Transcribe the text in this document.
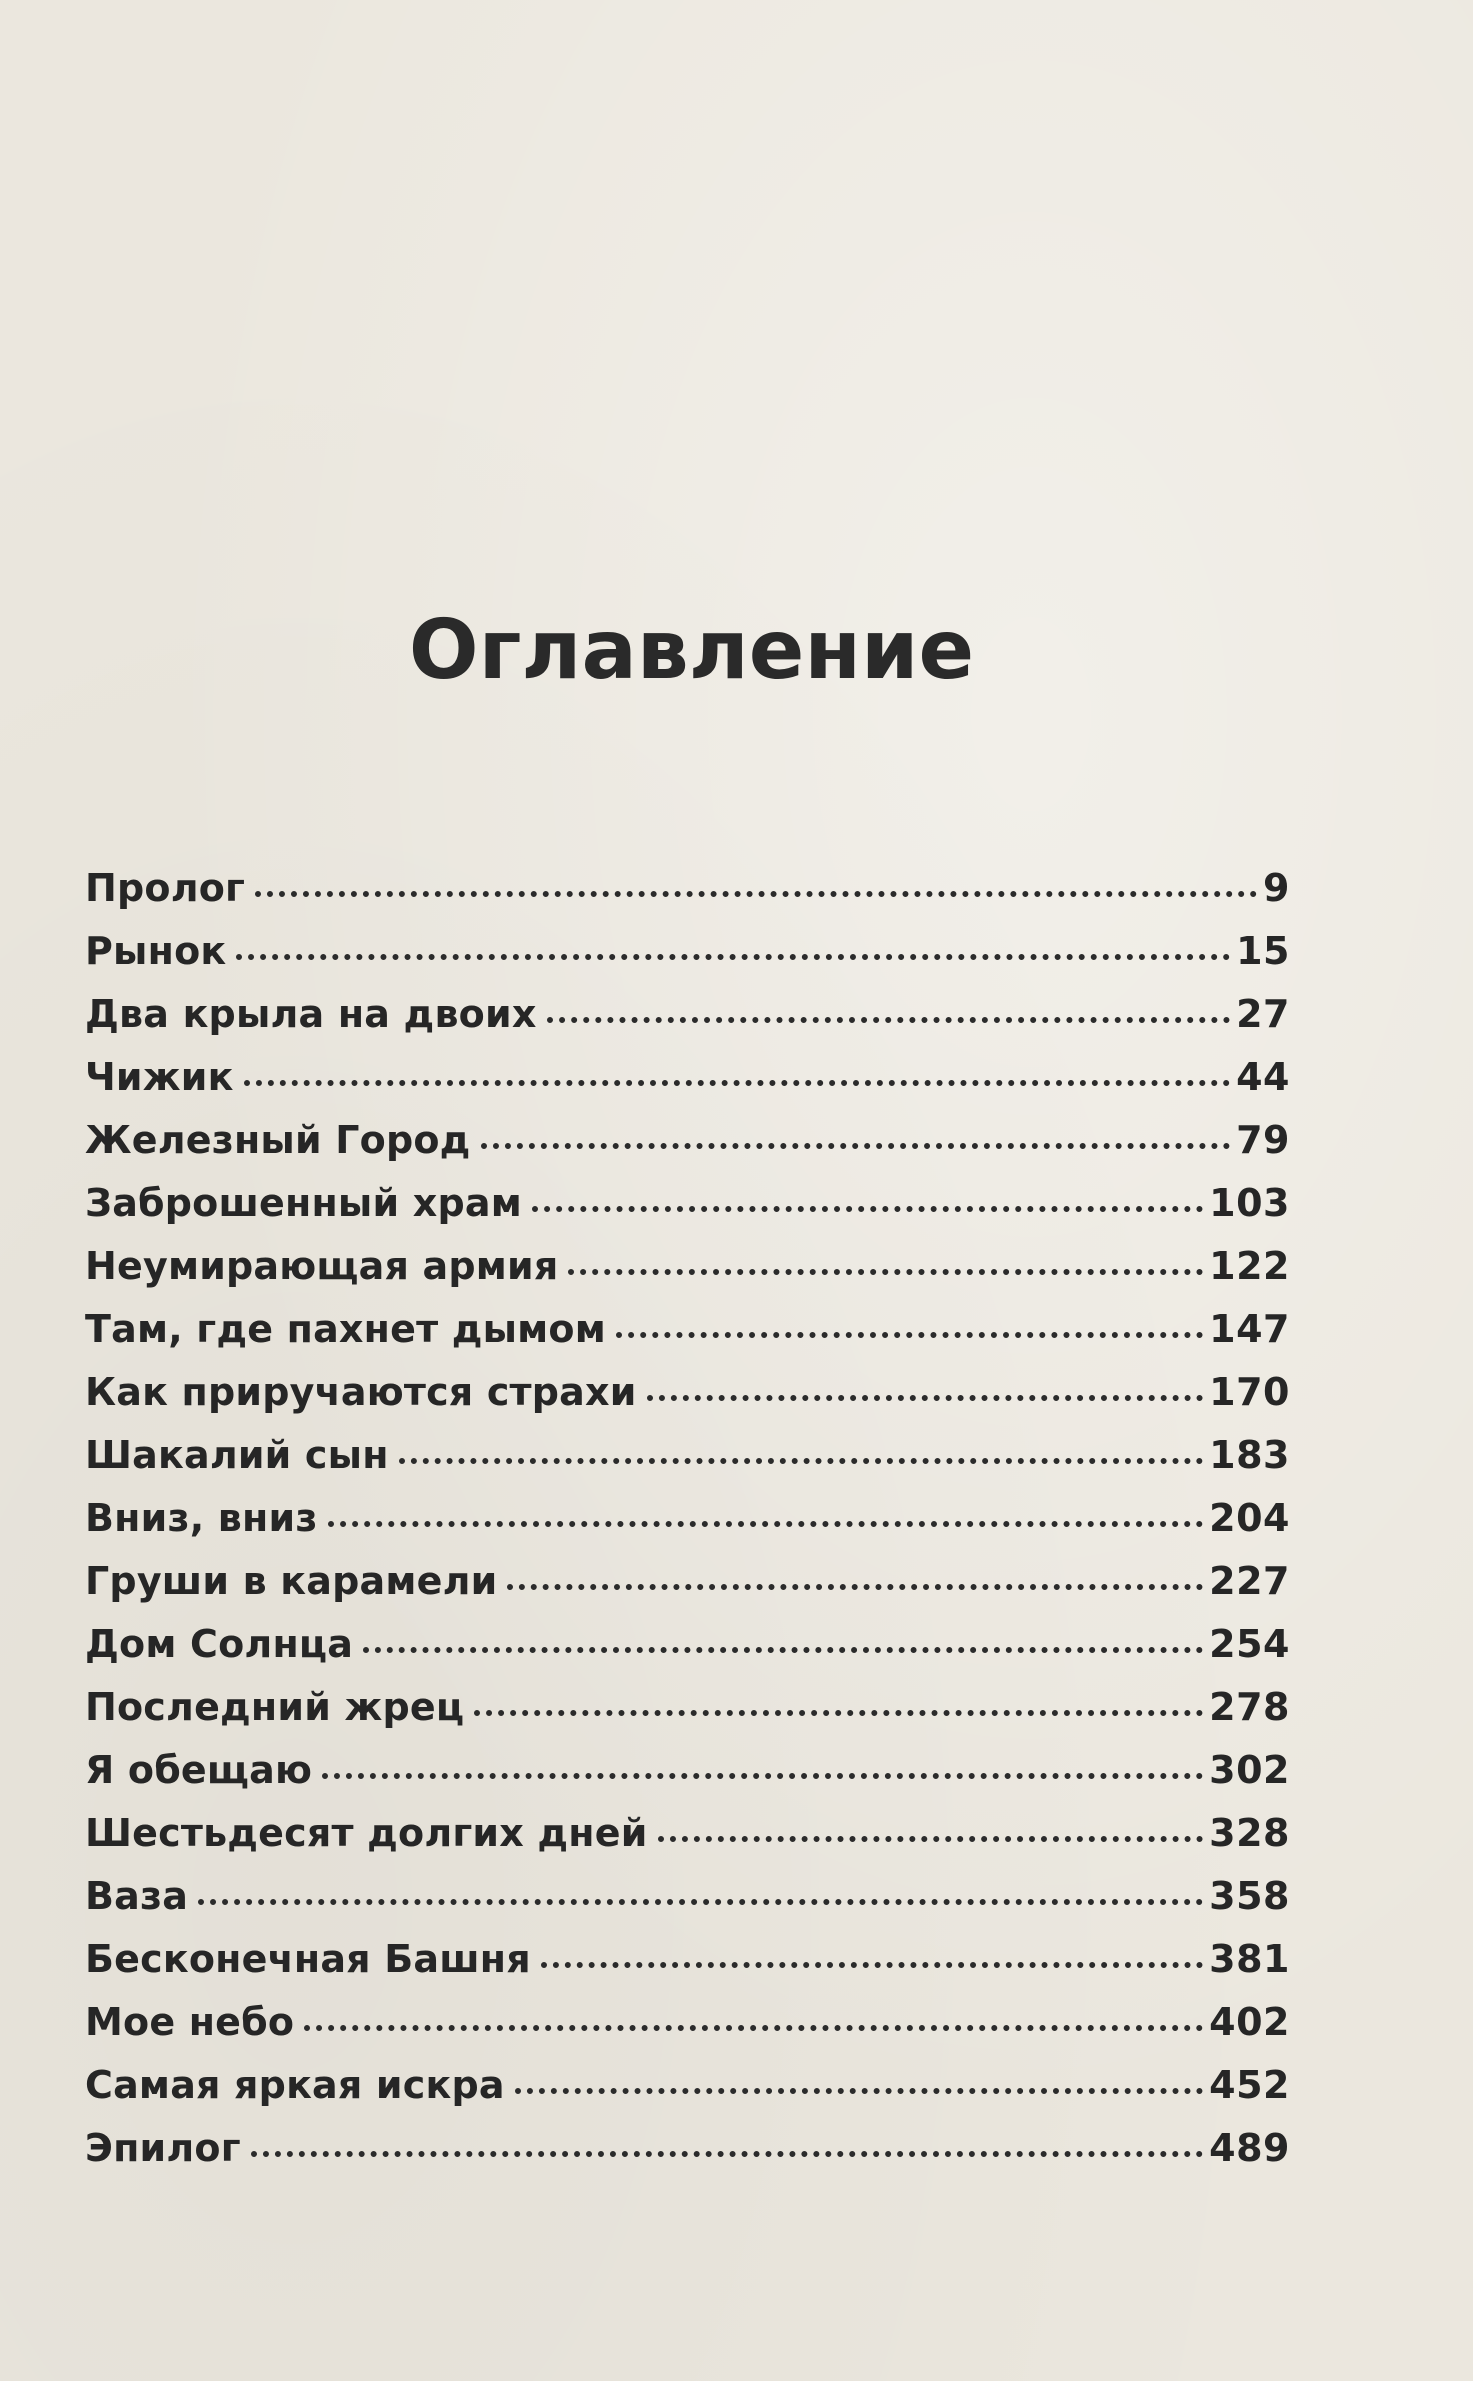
Оглавление
Пролог	9
Рынок	15
Два крыла на двоих	27
Чижик	44
Железный Город	79
Заброшенный храм	103
Неумирающая армия	122
Там, где пахнет дымом	147
Как приручаются страхи	170
Шакалий сын	183
Вниз, вниз	204
Груши в карамели	227
Дом Солнца	254
Последний жрец	278
Я обещаю	302
Шестьдесят долгих дней	328
Ваза	358
Бесконечная Башня	381
Мое небо	402
Самая яркая искра	452
Эпилог	489
